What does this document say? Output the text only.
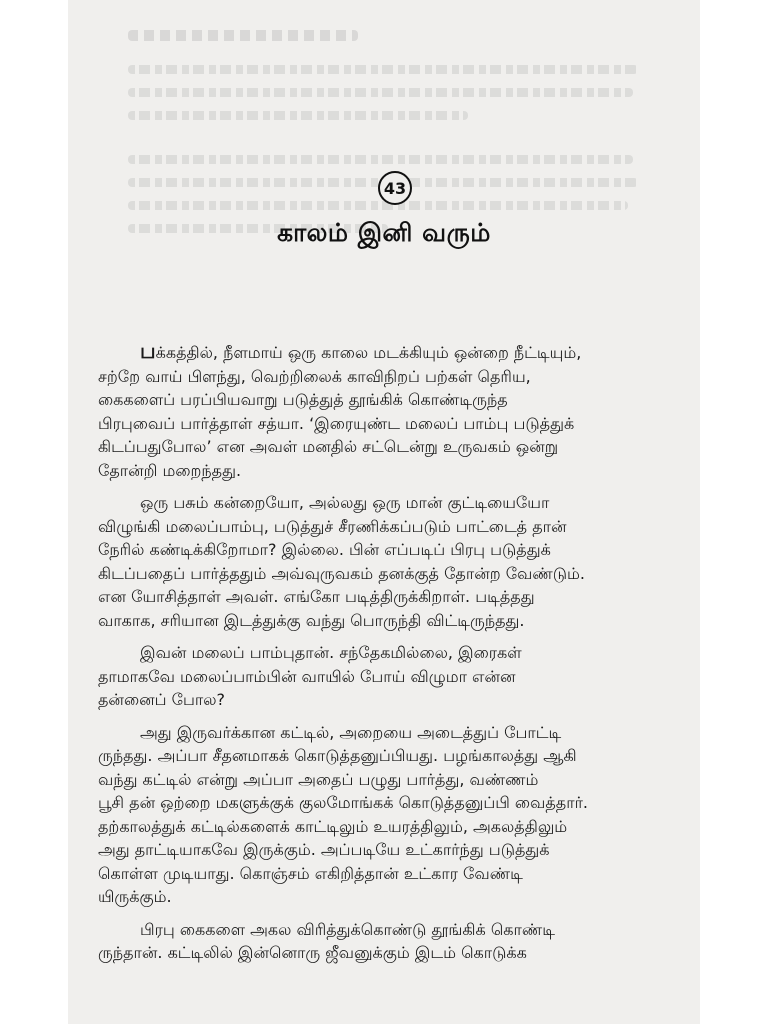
43
காலம் இனி வரும்

பக்கத்தில், நீளமாய் ஒரு காலை மடக்கியும் ஒன்றை நீட்டியும்,
சற்றே வாய் பிளந்து, வெற்றிலைக் காவிநிறப் பற்கள் தெரிய,
கைகளைப் பரப்பியவாறு படுத்துத் தூங்கிக் கொண்டிருந்த
பிரபுவைப் பார்த்தாள் சத்யா. ‘இரையுண்ட மலைப் பாம்பு படுத்துக்
கிடப்பதுபோல’ என அவள் மனதில் சட்டென்று உருவகம் ஒன்று
தோன்றி மறைந்தது.

ஒரு பசும் கன்றையோ, அல்லது ஒரு மான் குட்டியையோ
விழுங்கி மலைப்பாம்பு, படுத்துச் சீரணிக்கப்படும் பாட்டைத் தான்
நேரில் கண்டிக்கிறோமா? இல்லை. பின் எப்படிப் பிரபு படுத்துக்
கிடப்பதைப் பார்த்ததும் அவ்வுருவகம் தனக்குத் தோன்ற வேண்டும்.
என யோசித்தாள் அவள். எங்கோ படித்திருக்கிறாள். படித்தது
வாகாக, சரியான இடத்துக்கு வந்து பொருந்தி விட்டிருந்தது.

இவன் மலைப் பாம்புதான். சந்தேகமில்லை, இரைகள்
தாமாகவே மலைப்பாம்பின் வாயில் போய் விழுமா என்ன
தன்னைப் போல?

அது இருவர்க்கான கட்டில், அறையை அடைத்துப் போட்டி
ருந்தது. அப்பா சீதனமாகக் கொடுத்தனுப்பியது. பழங்காலத்து ஆகி
வந்து கட்டில் என்று அப்பா அதைப் பழுது பார்த்து, வண்ணம்
பூசி தன் ஒற்றை மகளுக்குக் குலமோங்கக் கொடுத்தனுப்பி வைத்தார்.
தற்காலத்துக் கட்டில்களைக் காட்டிலும் உயரத்திலும், அகலத்திலும்
அது தாட்டியாகவே இருக்கும். அப்படியே உட்கார்ந்து படுத்துக்
கொள்ள முடியாது. கொஞ்சம் எகிறித்தான் உட்கார வேண்டி
யிருக்கும்.

பிரபு கைகளை அகல விரித்துக்கொண்டு தூங்கிக் கொண்டி
ருந்தான். கட்டிலில் இன்னொரு ஜீவனுக்கும் இடம் கொடுக்க
